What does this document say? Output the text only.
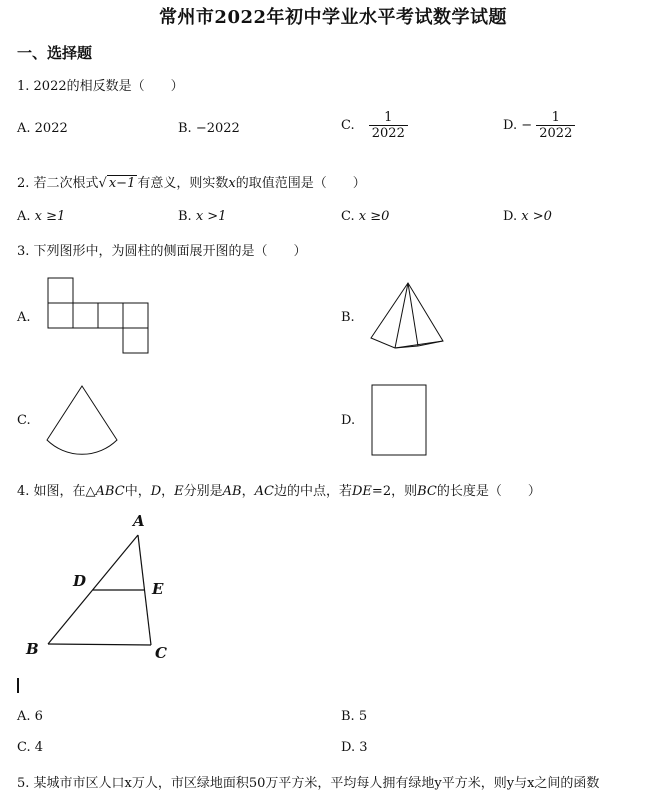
常州市2022年初中学业水平考试数学试题
一、选择题
1. 2022的相反数是（　　）
A. 2022	B. −2022	C. $\frac{1}{2022}$	D. − $\frac{1}{2022}$
2. 若二次根式√ x−1 有意义，则实数x的取值范围是（　　）
A. x ≥1	B. x >1	C. x ≥0	D. x >0
3. 下列图形中，为圆柱的侧面展开图的是（　　）
A.	B.
C.	D.
4. 如图，在△ABC中，D，E分别是AB，AC边的中点，若DE=2，则BC的长度是（　　）
A
D	E
B	C
A. 6	B. 5
C. 4	D. 3
5. 某城市市区人口x万人，市区绿地面积50万平方米，平均每人拥有绿地y平方米，则y与x之间的函数
